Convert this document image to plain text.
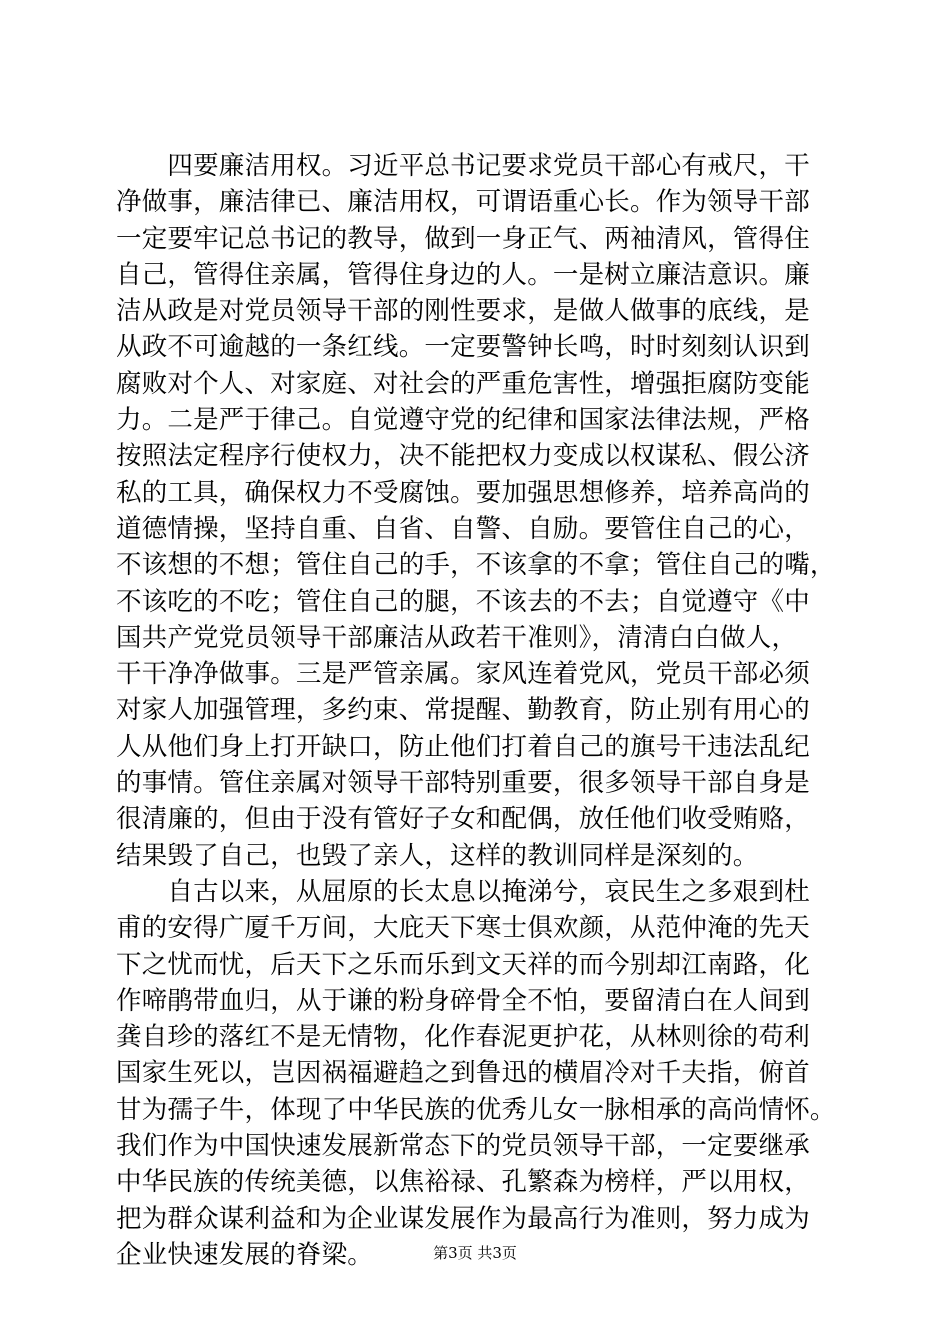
　　四要廉洁用权。习近平总书记要求党员干部心有戒尺，干
净做事，廉洁律已、廉洁用权，可谓语重心长。作为领导干部
一定要牢记总书记的教导，做到一身正气、两袖清风，管得住
自己，管得住亲属，管得住身边的人。一是树立廉洁意识。廉
洁从政是对党员领导干部的刚性要求，是做人做事的底线，是
从政不可逾越的一条红线。一定要警钟长鸣，时时刻刻认识到
腐败对个人、对家庭、对社会的严重危害性，增强拒腐防变能
力。二是严于律己。自觉遵守党的纪律和国家法律法规，严格
按照法定程序行使权力，决不能把权力变成以权谋私、假公济
私的工具，确保权力不受腐蚀。要加强思想修养，培养高尚的
道德情操，坚持自重、自省、自警、自励。要管住自己的心，
不该想的不想；管住自己的手，不该拿的不拿；管住自己的嘴，
不该吃的不吃；管住自己的腿，不该去的不去；自觉遵守《中
国共产党党员领导干部廉洁从政若干准则》，清清白白做人，
干干净净做事。三是严管亲属。家风连着党风，党员干部必须
对家人加强管理，多约束、常提醒、勤教育，防止别有用心的
人从他们身上打开缺口，防止他们打着自己的旗号干违法乱纪
的事情。管住亲属对领导干部特别重要，很多领导干部自身是
很清廉的，但由于没有管好子女和配偶，放任他们收受贿赂，
结果毁了自己，也毁了亲人，这样的教训同样是深刻的。
　　自古以来，从屈原的长太息以掩涕兮，哀民生之多艰到杜
甫的安得广厦千万间，大庇天下寒士俱欢颜，从范仲淹的先天
下之忧而忧，后天下之乐而乐到文天祥的而今别却江南路，化
作啼鹃带血归，从于谦的粉身碎骨全不怕，要留清白在人间到
龚自珍的落红不是无情物，化作春泥更护花，从林则徐的苟利
国家生死以，岂因祸福避趋之到鲁迅的横眉冷对千夫指，俯首
甘为孺子牛，体现了中华民族的优秀儿女一脉相承的高尚情怀。
我们作为中国快速发展新常态下的党员领导干部，一定要继承
中华民族的传统美德，以焦裕禄、孔繁森为榜样，严以用权，
把为群众谋利益和为企业谋发展作为最高行为准则，努力成为
企业快速发展的脊梁。	第3页 共3页
